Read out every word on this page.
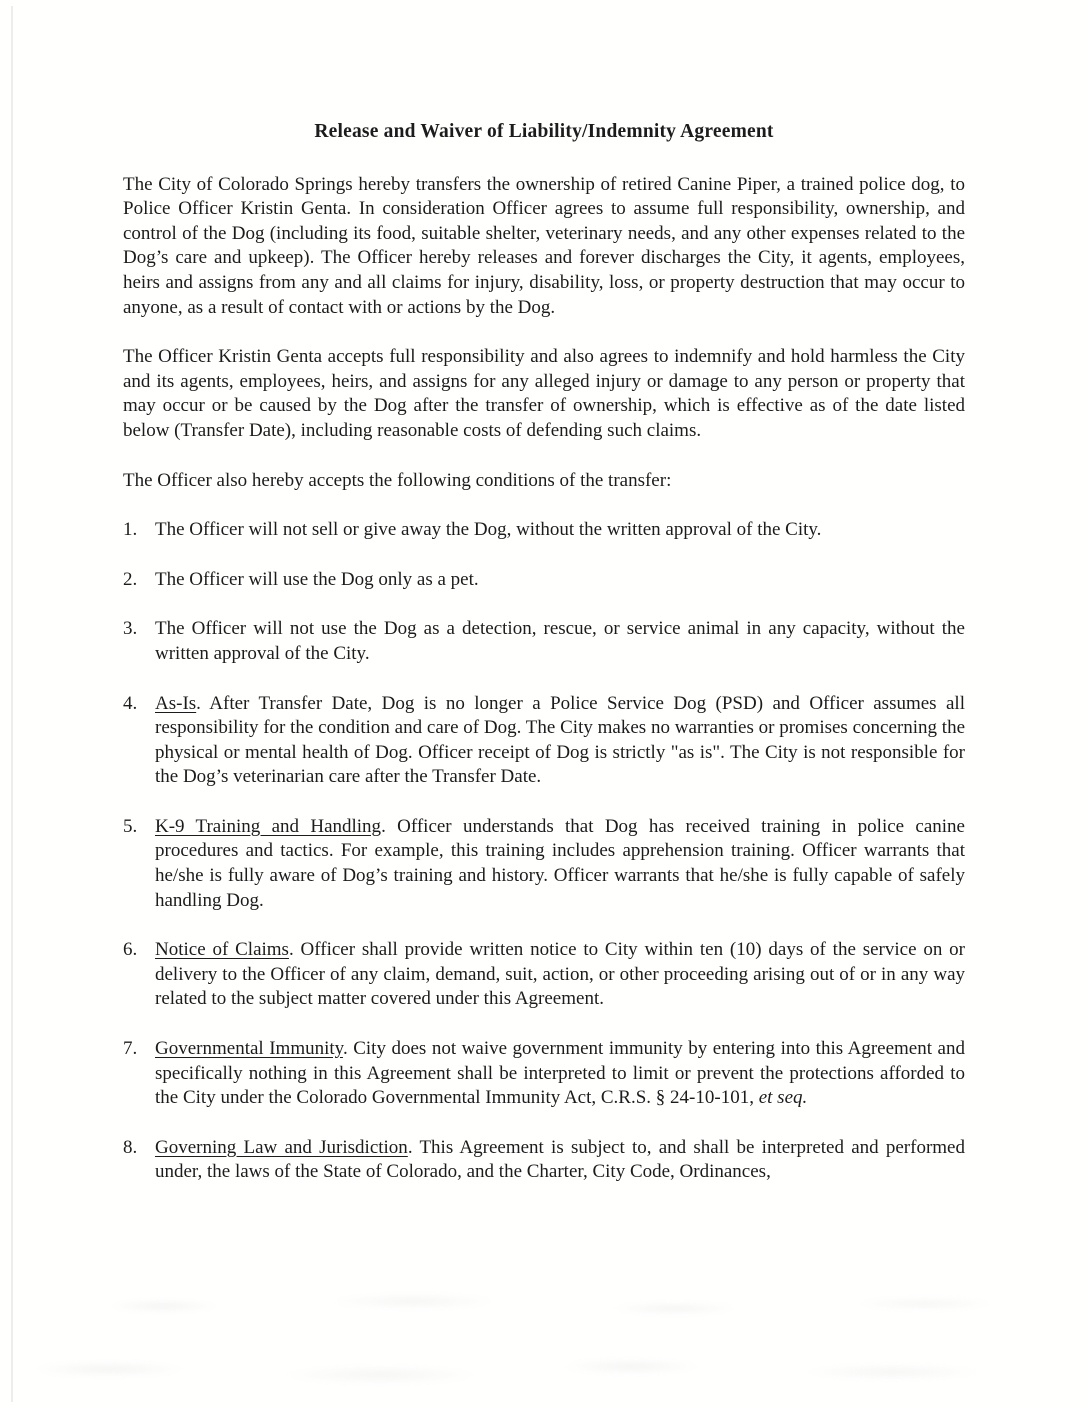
Release and Waiver of Liability/Indemnity Agreement

The City of Colorado Springs hereby transfers the ownership of retired Canine Piper, a trained police dog, to Police Officer Kristin Genta. In consideration Officer agrees to assume full responsibility, ownership, and control of the Dog (including its food, suitable shelter, veterinary needs, and any other expenses related to the Dog’s care and upkeep). The Officer hereby releases and forever discharges the City, it agents, employees, heirs and assigns from any and all claims for injury, disability, loss, or property destruction that may occur to anyone, as a result of contact with or actions by the Dog.

The Officer Kristin Genta accepts full responsibility and also agrees to indemnify and hold harmless the City and its agents, employees, heirs, and assigns for any alleged injury or damage to any person or property that may occur or be caused by the Dog after the transfer of ownership, which is effective as of the date listed below (Transfer Date), including reasonable costs of defending such claims.

The Officer also hereby accepts the following conditions of the transfer:

1. The Officer will not sell or give away the Dog, without the written approval of the City.
2. The Officer will use the Dog only as a pet.
3. The Officer will not use the Dog as a detection, rescue, or service animal in any capacity, without the written approval of the City.
4. As-Is. After Transfer Date, Dog is no longer a Police Service Dog (PSD) and Officer assumes all responsibility for the condition and care of Dog. The City makes no warranties or promises concerning the physical or mental health of Dog. Officer receipt of Dog is strictly "as is". The City is not responsible for the Dog’s veterinarian care after the Transfer Date.
5. K-9 Training and Handling. Officer understands that Dog has received training in police canine procedures and tactics. For example, this training includes apprehension training. Officer warrants that he/she is fully aware of Dog’s training and history. Officer warrants that he/she is fully capable of safely handling Dog.
6. Notice of Claims. Officer shall provide written notice to City within ten (10) days of the service on or delivery to the Officer of any claim, demand, suit, action, or other proceeding arising out of or in any way related to the subject matter covered under this Agreement.
7. Governmental Immunity. City does not waive government immunity by entering into this Agreement and specifically nothing in this Agreement shall be interpreted to limit or prevent the protections afforded to the City under the Colorado Governmental Immunity Act, C.R.S. § 24-10-101, et seq.
8. Governing Law and Jurisdiction. This Agreement is subject to, and shall be interpreted and performed under, the laws of the State of Colorado, and the Charter, City Code, Ordinances,
